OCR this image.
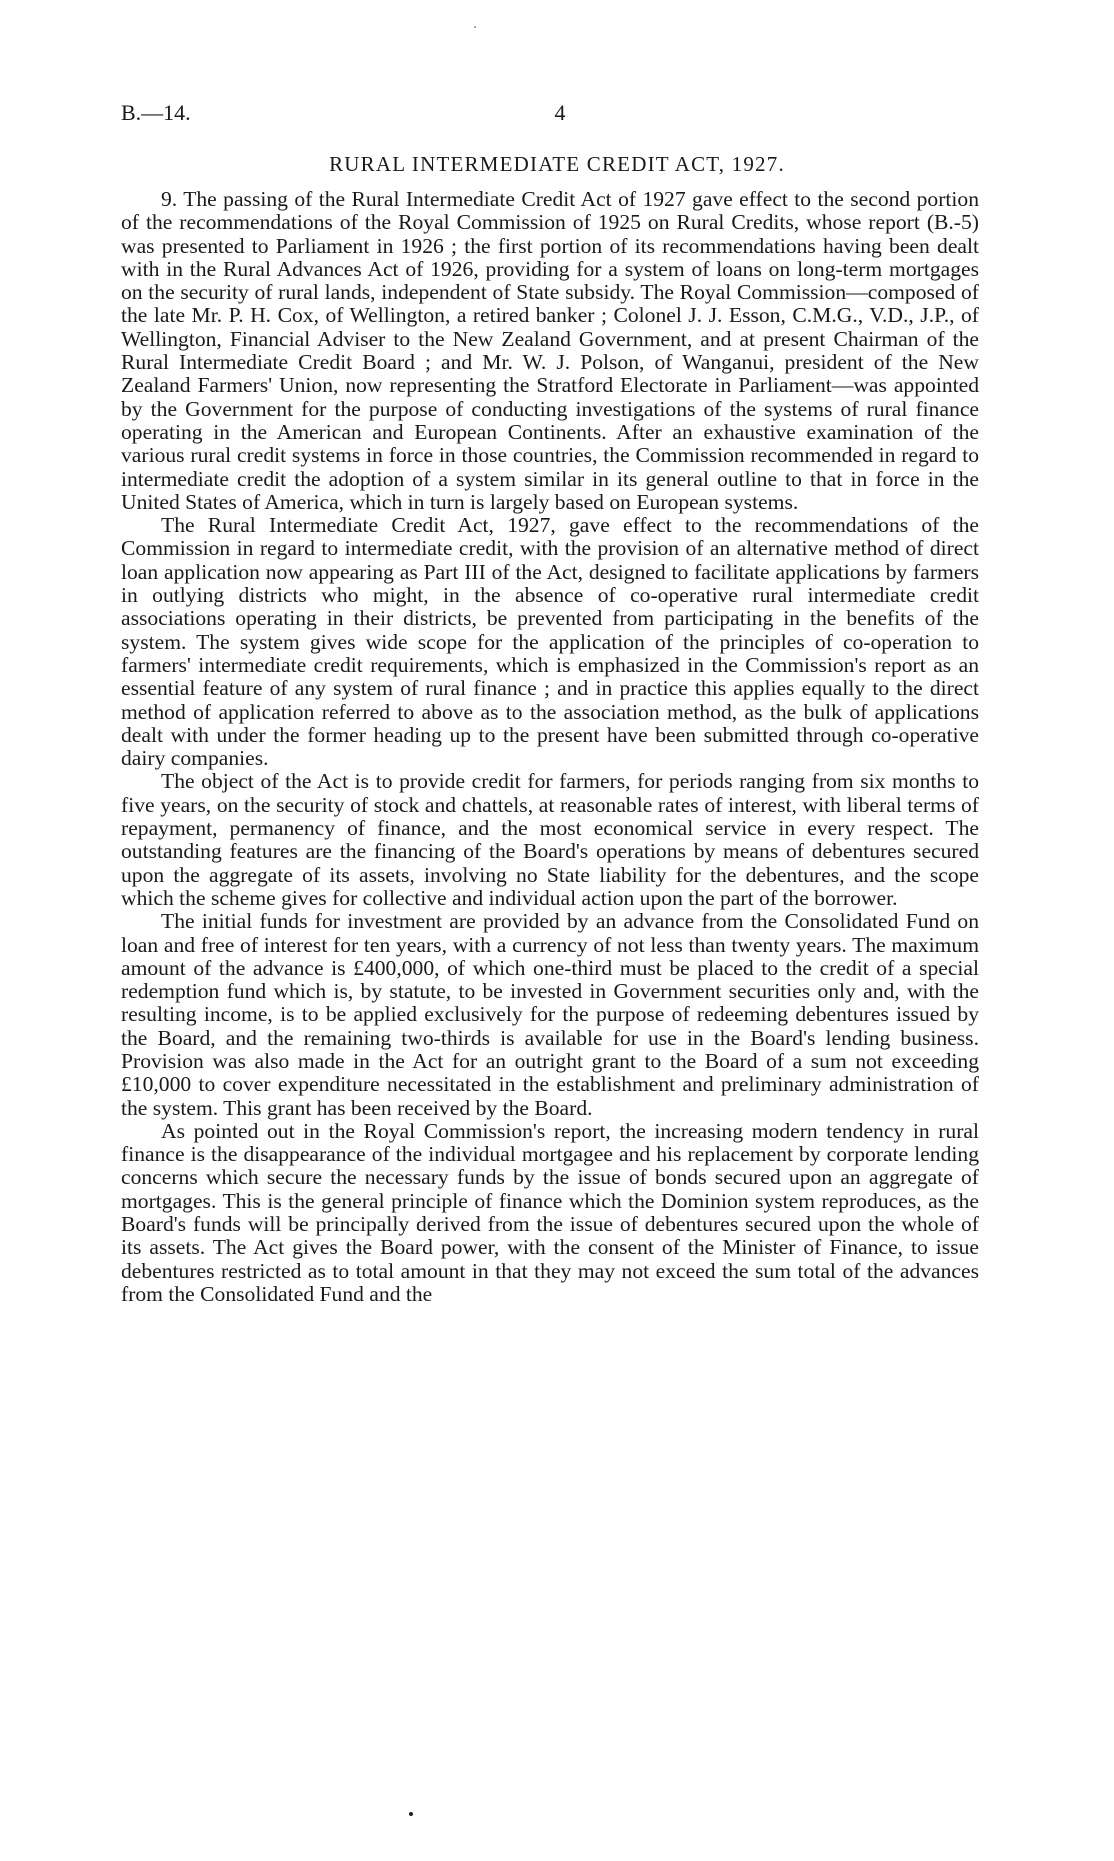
B.—14.	4
RURAL INTERMEDIATE CREDIT ACT, 1927.

9. The passing of the Rural Intermediate Credit Act of 1927 gave effect to the second portion of the recommendations of the Royal Commission of 1925 on Rural Credits, whose report (B.-5) was presented to Parliament in 1926 ; the first portion of its recommendations having been dealt with in the Rural Advances Act of 1926, providing for a system of loans on long-term mortgages on the security of rural lands, independent of State subsidy. The Royal Commission—composed of the late Mr. P. H. Cox, of Wellington, a retired banker ; Colonel J. J. Esson, C.M.G., V.D., J.P., of Wellington, Financial Adviser to the New Zealand Government, and at present Chairman of the Rural Intermediate Credit Board ; and Mr. W. J. Polson, of Wanganui, president of the New Zealand Farmers' Union, now representing the Stratford Electorate in Parliament—was appointed by the Government for the purpose of conducting investigations of the systems of rural finance operating in the American and European Continents. After an exhaustive examination of the various rural credit systems in force in those countries, the Commission recommended in regard to intermediate credit the adoption of a system similar in its general outline to that in force in the United States of America, which in turn is largely based on European systems.

The Rural Intermediate Credit Act, 1927, gave effect to the recommendations of the Commission in regard to intermediate credit, with the provision of an alternative method of direct loan application now appearing as Part III of the Act, designed to facilitate applications by farmers in outlying districts who might, in the absence of co-operative rural intermediate credit associations operating in their districts, be prevented from participating in the benefits of the system. The system gives wide scope for the application of the principles of co-operation to farmers' intermediate credit requirements, which is emphasized in the Commission's report as an essential feature of any system of rural finance ; and in practice this applies equally to the direct method of application referred to above as to the association method, as the bulk of applications dealt with under the former heading up to the present have been submitted through co-operative dairy companies.

The object of the Act is to provide credit for farmers, for periods ranging from six months to five years, on the security of stock and chattels, at reasonable rates of interest, with liberal terms of repayment, permanency of finance, and the most economical service in every respect. The outstanding features are the financing of the Board's operations by means of debentures secured upon the aggregate of its assets, involving no State liability for the debentures, and the scope which the scheme gives for collective and individual action upon the part of the borrower.

The initial funds for investment are provided by an advance from the Consolidated Fund on loan and free of interest for ten years, with a currency of not less than twenty years. The maximum amount of the advance is £400,000, of which one-third must be placed to the credit of a special redemption fund which is, by statute, to be invested in Government securities only and, with the resulting income, is to be applied exclusively for the purpose of redeeming debentures issued by the Board, and the remaining two-thirds is available for use in the Board's lending business. Provision was also made in the Act for an outright grant to the Board of a sum not exceeding £10,000 to cover expenditure necessitated in the establishment and preliminary administration of the system. This grant has been received by the Board.

As pointed out in the Royal Commission's report, the increasing modern tendency in rural finance is the disappearance of the individual mortgagee and his replacement by corporate lending concerns which secure the necessary funds by the issue of bonds secured upon an aggregate of mortgages. This is the general principle of finance which the Dominion system reproduces, as the Board's funds will be principally derived from the issue of debentures secured upon the whole of its assets. The Act gives the Board power, with the consent of the Minister of Finance, to issue debentures restricted as to total amount in that they may not exceed the sum total of the advances from the Consolidated Fund and the
